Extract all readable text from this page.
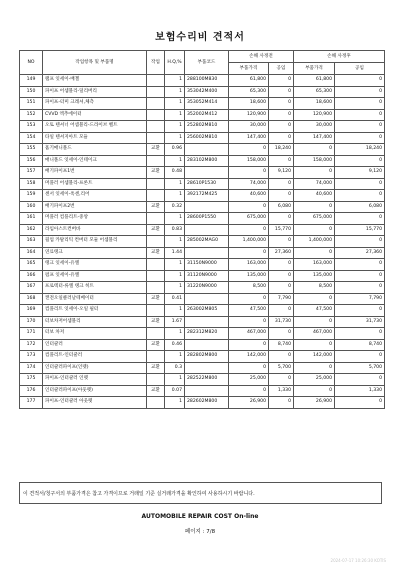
보험수리비 견적서
NO	작업항목 및 부품명	작업	H.Q,%	부품코드	손해 사정전		손해 사정후	
					부품가격	공임	부품가격	공임
149	램프 잇세이-배젤		1	288100M830	61,800	0	61,800	0
150	파이프 어셈블리-딜리버리		1	353042M400	65,300	0	65,300	0
151	파이프-터미 크레셔,체측		1	353052M414	18,600	0	18,600	0
152	CVVD 엑추에이터		1	352002M412	120,900	0	120,900	0
153	오토 텐셔너 어셈블리-드라이브 벨트		1	252802M810	30,000	0	30,000	0
154	타일 텐셔지아트 모듈		1	256002M810	147,400	0	147,400	0
155	흡기매니폴드	교환	0.96		0	18,240	0	18,240
156	매니폴드 잇세이-인테이크		1	283102M800	158,000	0	158,000	0
157	배기파이프1번	교환	0.48		0	9,120	0	9,120
158	머플러 어셈블리-프론트		1	28610P1530	74,000	0	74,000	0
159	센서 잇세이-옥센,리어		1	392172M425	40,600	0	40,600	0
160	배기파이프2번	교환	0.32		0	6,080	0	6,080
161	머플러 컴플리트-중앙		1	28600P1550	675,000	0	675,000	0
162	라임아스트컨버바	교환	0.83		0	15,770	0	15,770
163	웜업 카탈리틱 컨버터 모듈 어셈블리		1	285002MAG0	1,400,000	0	1,400,000	0
164	연료탱크	교환	1.44		0	27,360	0	27,360
165	탱크 잇세이-유엘		1	31150N9000	163,000	0	163,000	0
166	펌프 잇세이-유엘		1	31120N9000	135,000	0	135,000	0
167	프로텍터-류엘 탱크 히트		1	31220N9000	8,500	0	8,500	0
168	캔전오일클러날테베이터	교환	0.41		0	7,790	0	7,790
169	컴플리트 잇세이-오일 필터		1	263002M805	47,500	0	47,500	0
170	터보차저어셈블리	교환	1.67		0	31,730	0	31,730
171	터보 차저		1	282312M820	467,000	0	467,000	0
172	인터쿨러	교환	0.46		0	8,740	0	8,740
173	컴플리트-인터쿨러		1	282802M800	142,000	0	142,000	0
174	인터쿨러파이프(인렛)	교환	0.3		0	5,700	0	5,700
175	파이프-인터쿨러 인렛		1	282522M800	25,000	0	25,000	0
176	인터쿨러파이프(아웃렛)	교환	0.07		0	1,330	0	1,330
177	파이프-인터쿨러 아웃렛		1	282602M800	26,900	0	26,900	0
이 견적서/청구서의 부품가격은 참고 가격이므로 거래일 기준 실거래가격을 확인하여 사용하시기 바랍니다.
AUTOMOBILE REPAIR COST On-line
페이지 : 7/8
2024-07-17 10:26:30 KOTIS
